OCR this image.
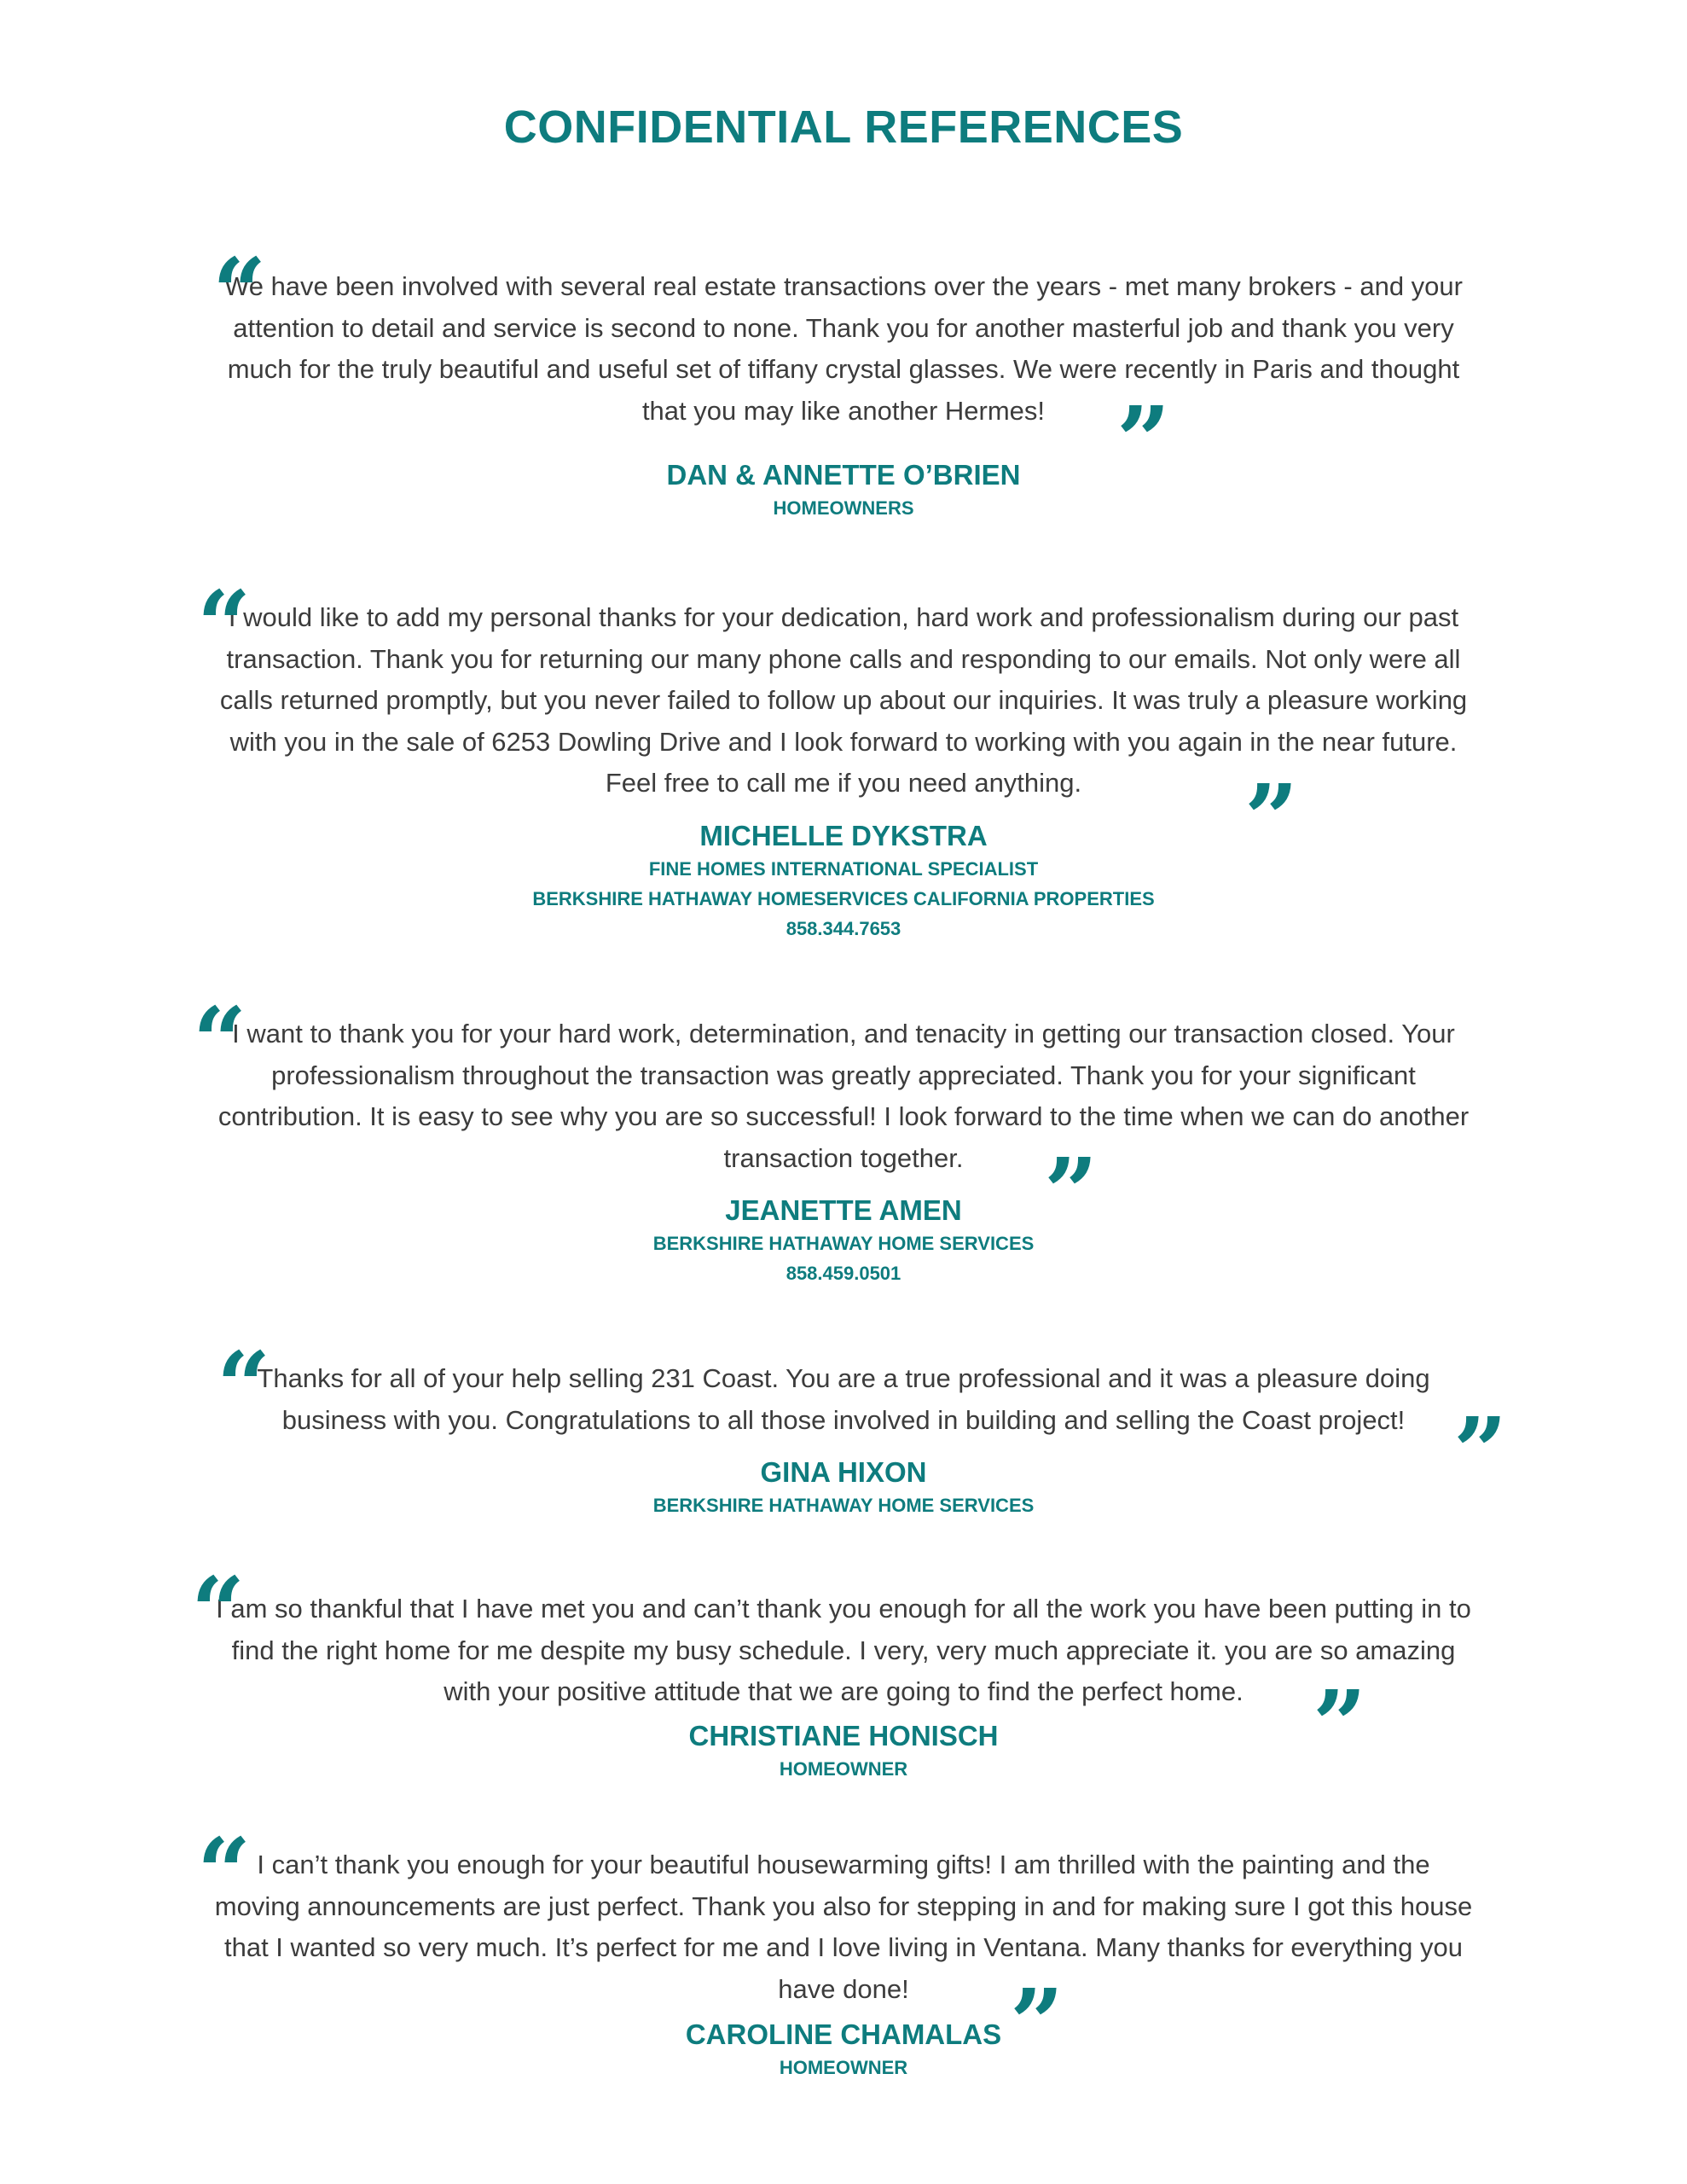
CONFIDENTIAL REFERENCES
“

We have been involved with several real estate transactions over the years - met many brokers - and your attention to detail and service is second to none. Thank you for another masterful job and thank you very much for the truly beautiful and useful set of tiffany crystal glasses. We were recently in Paris and thought that you may like another Hermes! ”
DAN & ANNETTE O’BRIEN
HOMEOWNERS
“

I would like to add my personal thanks for your dedication, hard work and professionalism during our past transaction. Thank you for returning our many phone calls and responding to our emails. Not only were all calls returned promptly, but you never failed to follow up about our inquiries. It was truly a pleasure working with you in the sale of 6253 Dowling Drive and I look forward to working with you again in the near future. Feel free to call me if you need anything.	”
MICHELLE DYKSTRA
FINE HOMES INTERNATIONAL SPECIALIST
BERKSHIRE HATHAWAY HOMESERVICES CALIFORNIA PROPERTIES
858.344.7653
“

I want to thank you for your hard work, determination, and tenacity in getting our transaction closed. Your professionalism throughout the transaction was greatly appreciated. Thank you for your significant contribution. It is easy to see why you are so successful! I look forward to the time when we can do another transaction together. ”
JEANETTE AMEN
BERKSHIRE HATHAWAY HOME SERVICES
858.459.0501
“

Thanks for all of your help selling 231 Coast. You are a true professional and it was a pleasure doing business with you. Congratulations to all those involved in building and selling the Coast project! ”
GINA HIXON
BERKSHIRE HATHAWAY HOME SERVICES
“

I am so thankful that I have met you and can’t thank you enough for all the work you have been putting in to find the right home for me despite my busy schedule. I very, very much appreciate it. you are so amazing with your positive attitude that we are going to find the perfect home. ”
CHRISTIANE HONISCH
HOMEOWNER
“ I can’t thank you enough for your beautiful housewarming gifts! I am thrilled with the painting and the moving announcements are just perfect. Thank you also for stepping in and for making sure I got this house that I wanted so very much. It’s perfect for me and I love living in Ventana. Many thanks for everything you have done!	”
CAROLINE CHAMALAS
HOMEOWNER
